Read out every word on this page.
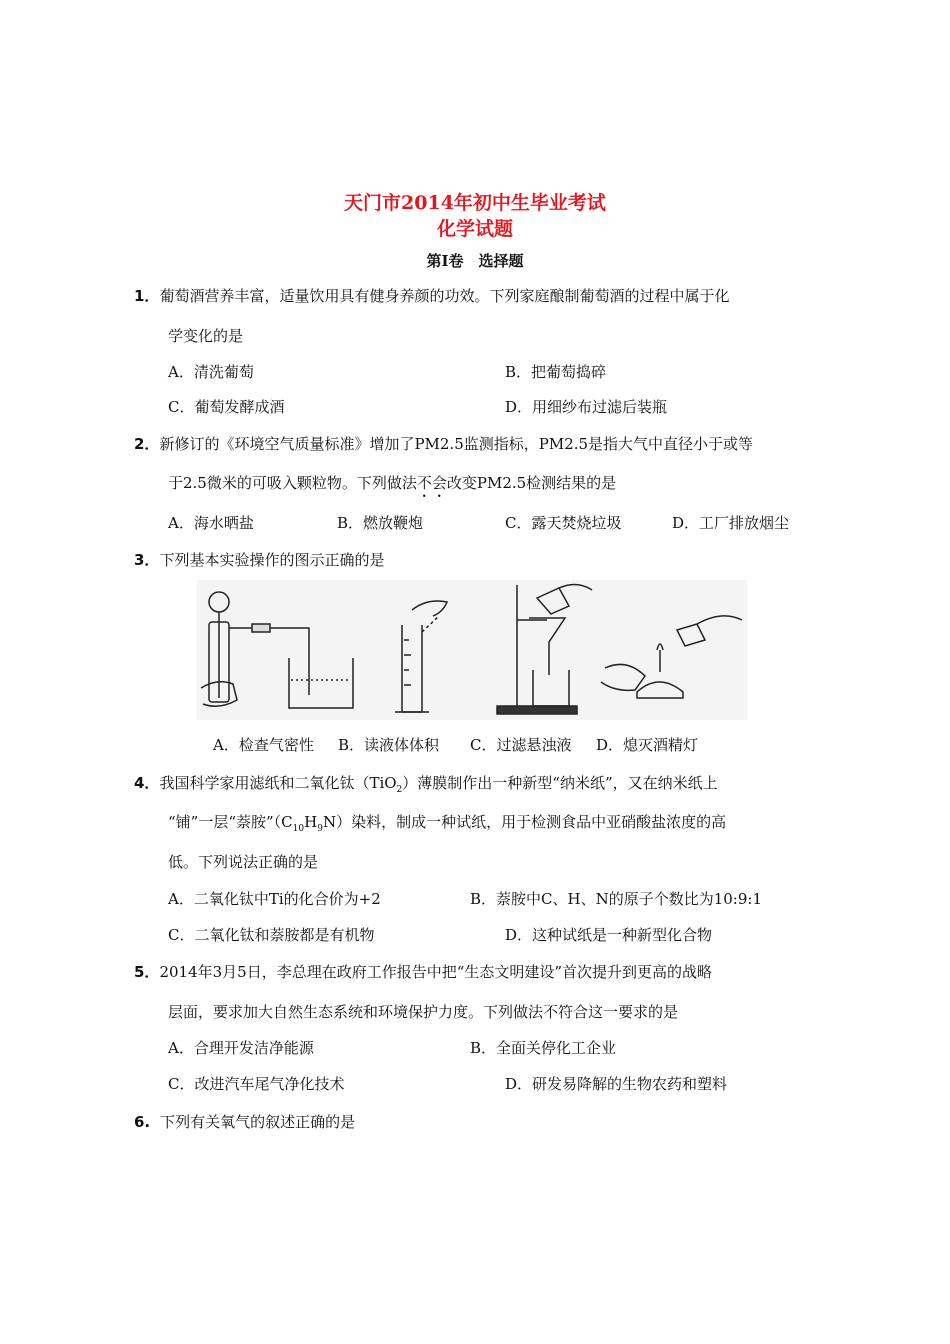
天门市2014年初中生毕业考试
化学试题
第Ⅰ卷　选择题
1．葡萄酒营养丰富，适量饮用具有健身养颜的功效。下列家庭酿制葡萄酒的过程中属于化
学变化的是
A．清洗葡萄	B．把葡萄捣碎
C．葡萄发酵成酒	D．用细纱布过滤后装瓶
2．新修订的《环境空气质量标准》增加了PM2.5监测指标，PM2.5是指大气中直径小于或等
于2.5微米的可吸入颗粒物。下列做法不会改变PM2.5检测结果的是
A．海水晒盐	B．燃放鞭炮	C．露天焚烧垃圾	D．工厂排放烟尘
3．下列基本实验操作的图示正确的是
A．检查气密性 B．读液体体积 C．过滤悬浊液 D．熄灭酒精灯
4．我国科学家用滤纸和二氧化钛（TiO$_2$）薄膜制作出一种新型“纳米纸”，又在纳米纸上
“铺”一层“萘胺$”(C_{10}H_9N)$染料，制成一种试纸，用于检测食品中亚硝酸盐浓度的高
低。下列说法正确的是
A．二氧化钛中Ti的化合价为+2	B．萘胺中C、H、N的原子个数比为10:9:1
C．二氧化钛和萘胺都是有机物	D．这种试纸是一种新型化合物
5．2014年3月5日，李总理在政府工作报告中把“生态文明建设”首次提升到更高的战略
层面，要求加大自然生态系统和环境保护力度。下列做法不符合这一要求的是
A．合理开发洁净能源	B．全面关停化工企业
C．改进汽车尾气净化技术	D．研发易降解的生物农药和塑料
6. 下列有关氧气的叙述正确的是
